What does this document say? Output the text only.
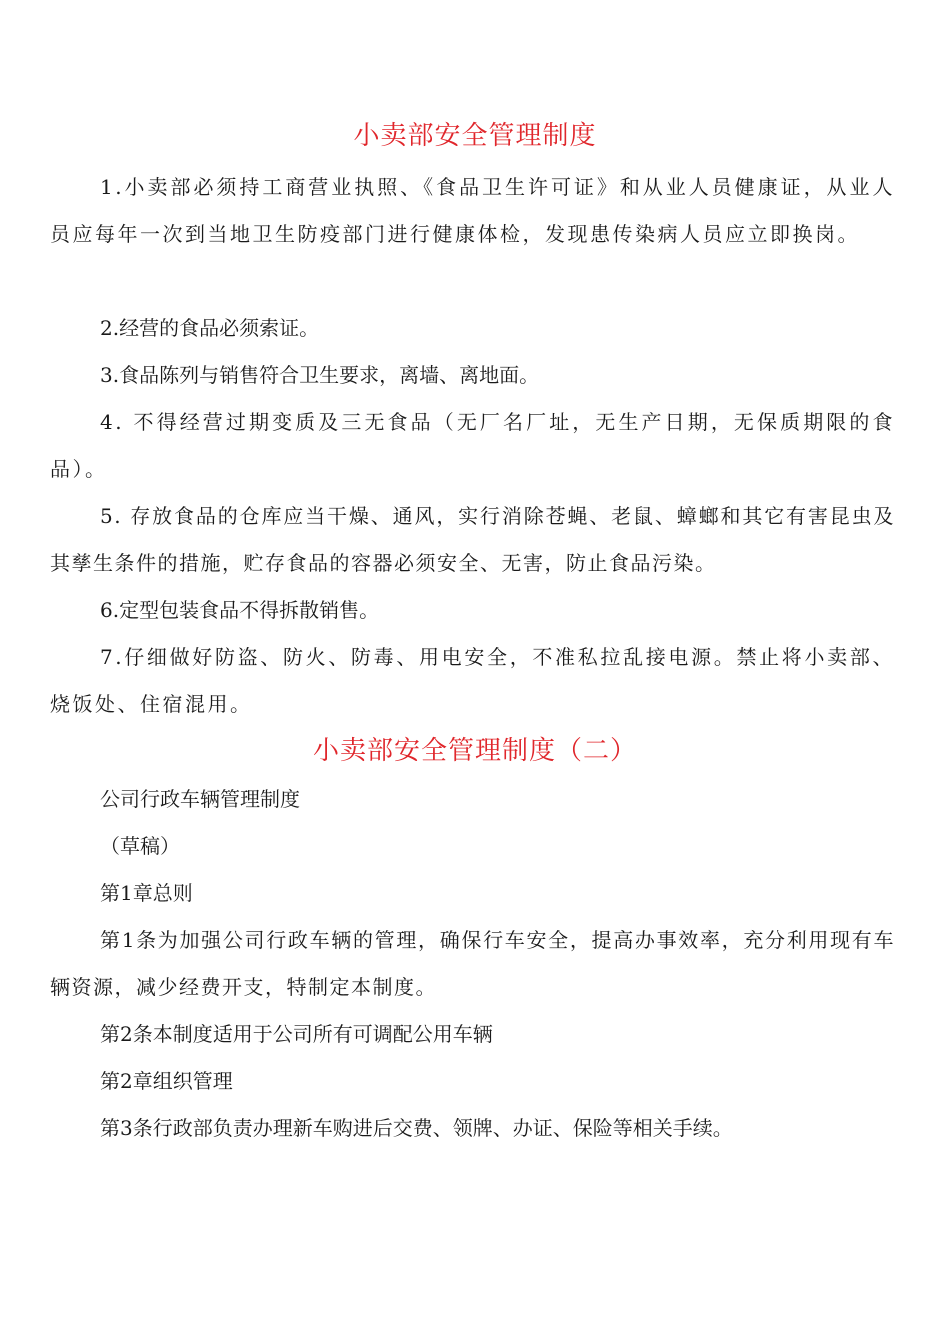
小卖部安全管理制度
1.小卖部必须持工商营业执照、《食品卫生许可证》和从业人员健康证，从业人员应每年一次到当地卫生防疫部门进行健康体检，发现患传染病人员应立即换岗。
2.经营的食品必须索证。
3.食品陈列与销售符合卫生要求，离墙、离地面。
4. 不得经营过期变质及三无食品（无厂名厂址，无生产日期，无保质期限的食品）。
5. 存放食品的仓库应当干燥、通风，实行消除苍蝇、老鼠、蟑螂和其它有害昆虫及其孳生条件的措施，贮存食品的容器必须安全、无害，防止食品污染。
6.定型包装食品不得拆散销售。
7.仔细做好防盗、防火、防毒、用电安全，不准私拉乱接电源。禁止将小卖部、烧饭处、住宿混用。
小卖部安全管理制度（二）
公司行政车辆管理制度
（草稿）
第1章总则
第1条为加强公司行政车辆的管理，确保行车安全，提高办事效率，充分利用现有车辆资源，减少经费开支，特制定本制度。
第2条本制度适用于公司所有可调配公用车辆
第2章组织管理
第3条行政部负责办理新车购进后交费、领牌、办证、保险等相关手续。
